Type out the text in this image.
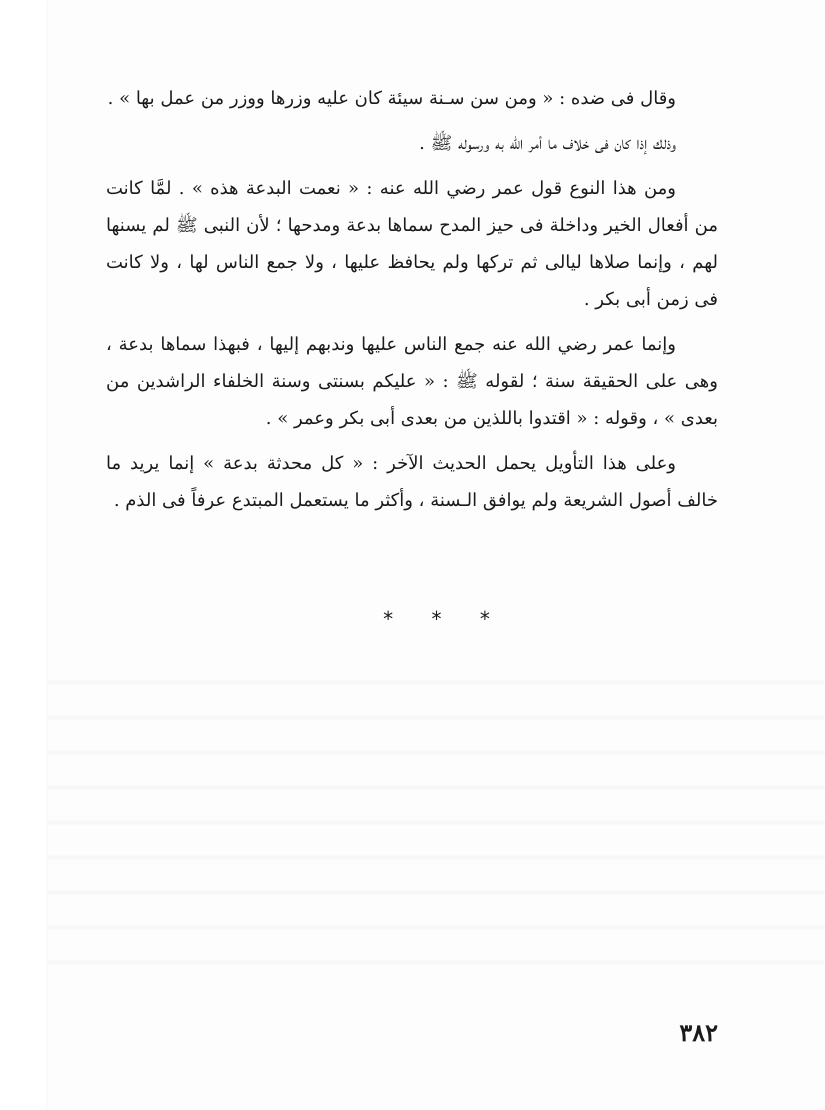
وقال فى ضده : « ومن سن سـنة سيئة كان عليه وزرها ووزر من عمل بها » .

وذلك إذا كان فى خلاف ما أمر الله به ورسوله ﷺ .

ومن هذا النوع قول عمر رضي الله عنه : « نعمت البدعة هذه » . لمَّا كانت من أفعال الخير وداخلة فى حيز المدح سماها بدعة ومدحها ؛ لأن النبى ﷺ لم يسنها لهم ، وإنما صلاها ليالى ثم تركها ولم يحافظ عليها ، ولا جمع الناس لها ، ولا كانت فى زمن أبى بكر .

وإنما عمر رضي الله عنه جمع الناس عليها وندبهم إليها ، فبهذا سماها بدعة ، وهى على الحقيقة سنة ؛ لقوله ﷺ : « عليكم بسنتى وسنة الخلفاء الراشدين من بعدى » ، وقوله : « اقتدوا باللذين من بعدى أبى بكر وعمر » .

وعلى هذا التأويل يحمل الحديث الآخر : « كل محدثة بدعة » إنما يريد ما خالف أصول الشريعة ولم يوافق الـسنة ، وأكثر ما يستعمل المبتدع عرفاً فى الذم .

* * *
٣٨٢
